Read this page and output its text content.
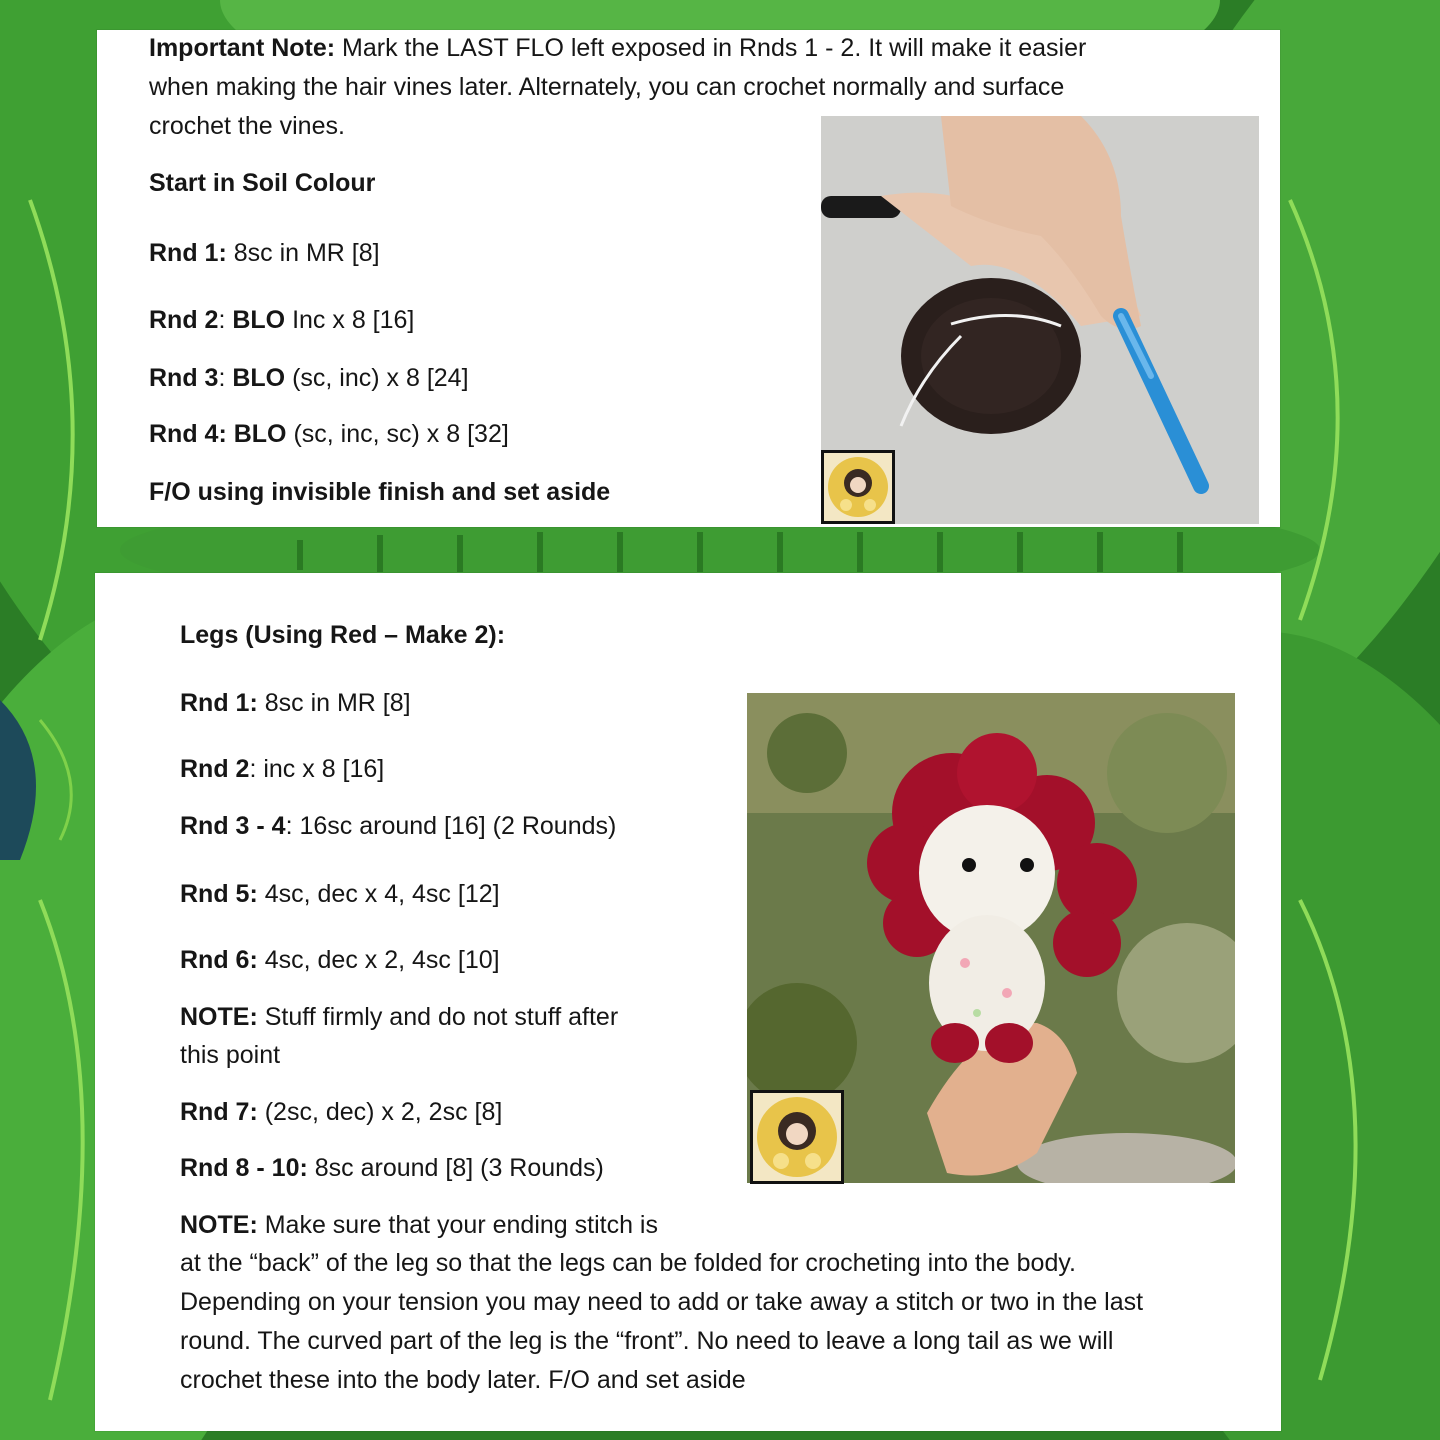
Important Note: Mark the LAST FLO left exposed in Rnds 1 - 2. It will make it easier
when making the hair vines later. Alternately, you can crochet normally and surface
crochet the vines.
Start in Soil Colour
Rnd 1: 8sc in MR [8]
Rnd 2: BLO Inc x 8 [16]
Rnd 3: BLO (sc, inc) x 8 [24]
Rnd 4: BLO (sc, inc, sc) x 8 [32]
F/O using invisible finish and set aside
Legs (Using Red – Make 2):
Rnd 1: 8sc in MR [8]
Rnd 2: inc x 8 [16]
Rnd 3 - 4: 16sc around [16] (2 Rounds)
Rnd 5: 4sc, dec x 4, 4sc [12]
Rnd 6: 4sc, dec x 2, 4sc [10]
NOTE: Stuff firmly and do not stuff after
this point
Rnd 7: (2sc, dec) x 2, 2sc [8]
Rnd 8 - 10: 8sc around [8] (3 Rounds)
NOTE: Make sure that your ending stitch is
at the “back” of the leg so that the legs can be folded for crocheting into the body.
Depending on your tension you may need to add or take away a stitch or two in the last
round. The curved part of the leg is the “front”. No need to leave a long tail as we will
crochet these into the body later. F/O and set aside
